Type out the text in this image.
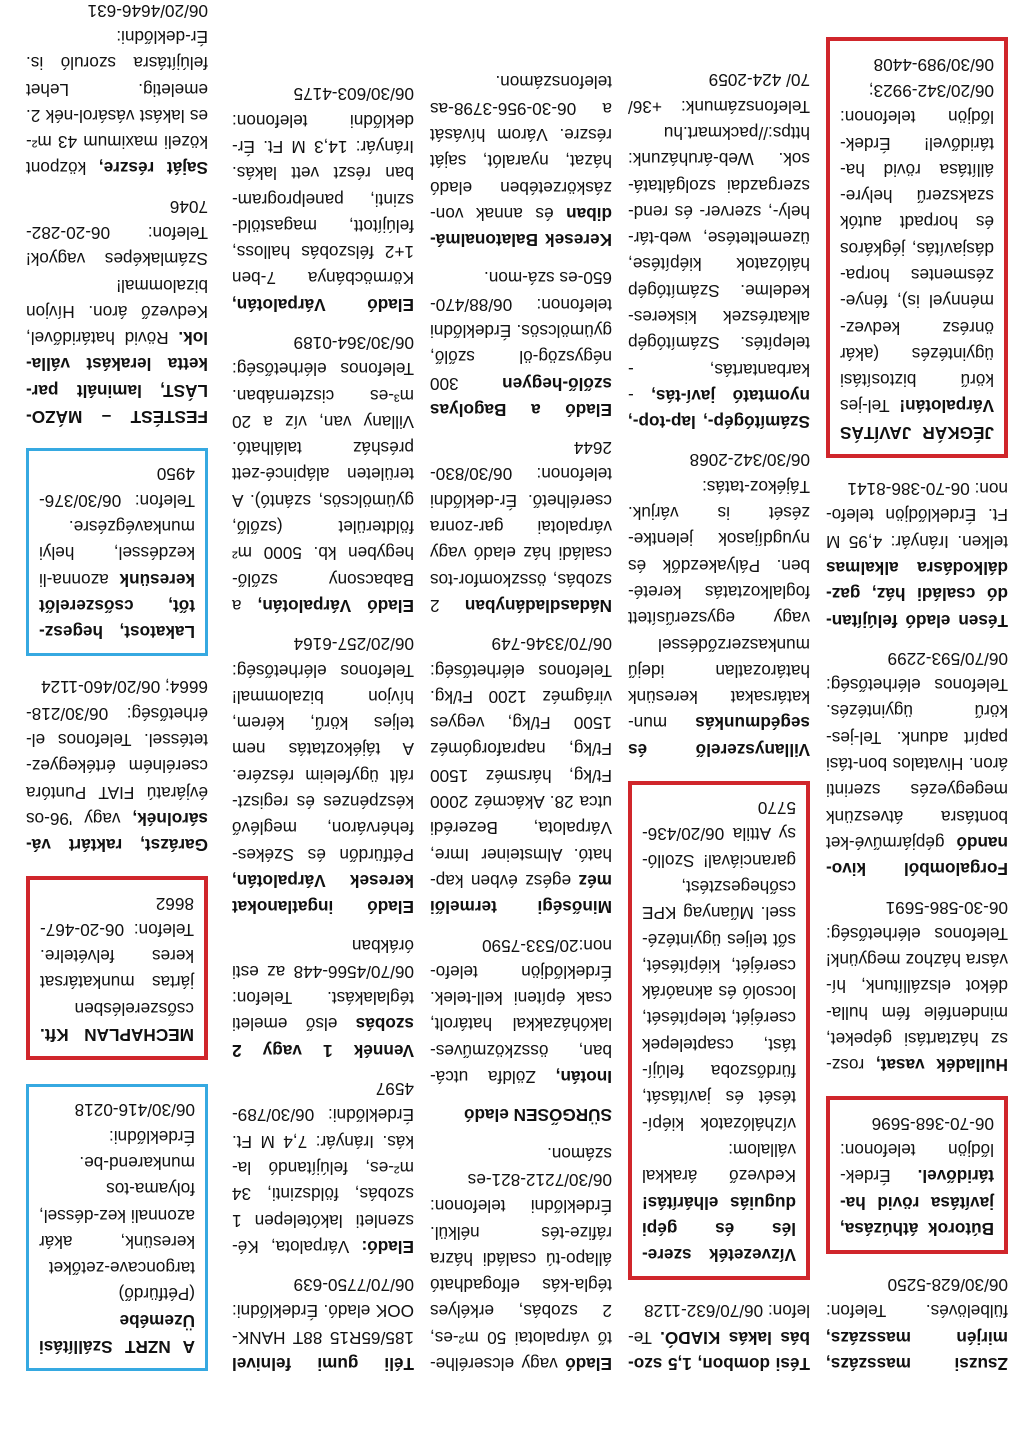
Zsuzsi masszázs, mirjén masszázs, fülbelövés. Telefon: 06/30/628-5250
Bútorok áthúzása, javítása rövid ha-táridővel. Érdek-lődjön telefonon: 06-70-368-5696
Hulladék vasat, rosz-sz háztartási gépeket, mindenféle fém hulla-dékot elszállítunk, hí-vásra házhoz megyünk! Telefonos elérhetőség: 06-30-586-5691
Forgalomból kivo-nandó gépjárművé-ket bontásra átveszünk megegyezés szerinti áron. Hivatalos bon-tási papírt adunk. Tel-jes-körű ügyintézés. Telefonos elérhetőség: 06/70/593-2299
Tésen eladó felújítan-dó családi ház, gaz-dálkodásra alkalmas telken. Irányár: 4,95 M Ft. Érdeklődjön telefo-non: 06-70-386-8141
JÉGKÁR JAVÍTÁS Várpalotán! Tel-jes körű biztosítási ügyintézés (akár önrész kedvez-ménnyel is), fénye-zésmentes horpa-dásjavítás, jégkáros és horpadt autók szakszerű helyre-állítása rövid ha-táridővel! Érdek-lődjön telefonon: 06/20/342-9923; 06/30/989-4408
Tési domboп, 1,5 szo-bás lakás KIADÓ. Te-lefon: 06/70/632-1128
Vízvezeték szere-lés és gépi duguiás elhárítás! Kedvező árakkal vállalom: vízhálózatok kiépí-tését és javítását, fürdőszoba felújí-tást, csaptelepek cseréjét, telepítését, locsoló és aknaórák cseréjét, kiépítését, sőt teljes ügyintézé-ssel. Műanyag KPE csőhegesztést, garanciával! Szolló-sy Attila 06/20/436-5770
Villanyszerelő és segédmunkás mun-katársakat keresünk határozatlan idejű munkaszerződéssel vagy egyszerűsített foglalkoztatás kereté-ben. Pályakezdők és nyugdíjasok jelentke-zését is várjuk. Tájékoz-tatás: 06/30/342-2068
Számítógép-, lap-top-, nyomtató javí-tás, - karbantartás, - telepítés. Számítógép alkatrészek kiskeres-kedelme. Számítógép hálózatok kiépítése, üzemeltetése, web-tár-hely-, szerver- és rend-szergazdai szolgáltatá-sok. Web-áruházunk: https://packmart.hu Telefonszámunk: +36/ 70/ 424-2059
Eladó vagy elcserélhe-tő várpalotai 50 m²-es, 2 szobás, erkélyes tégla-kás elfogadható állapo-tú családi házra ráfize-tés nélkül. Érdeklődni telefonon: 06/30/7212-821-es számon.
SÜRGŐSEN eladó
Inotán, Zöldfa utcá-ban, összközműves-lakóházakkal határolt, csak építeni kell-telek. Érdeklődjön telefo-non:20/533-7590
Minőségi termelői méz egész évben kap-ható. Almsteiner Imre, Várpalota, Bezerédi utca 28. Akácméz 2000 Ft/kg, hársméz 1500 Ft/kg, napraforgóméz 1500 Ft/kg, vegyes virágméz 1200 Ft/kg. Telefonos elérhetőség: 06/70/3346-749
Nádasdladányban 2 szobás, összkomfor-tos családi ház eladó vagy várpalotai gar-zonra cserélhető. Ér-deklődni telefonon: 06/30/830-2644
Eladó a Bagolyas szőlő-hegyen 300 négyszög-öl szőlő, gyümölcsös. Érdeklődni telefonon: 06/88/470-650-es szá-mon.
Keresek Balatonalmá-diban és annak von-záskörzetében eladó házat, nyaralót, saját részre. Várom hívását a 06-30-956-3798-as telefonszámon.
Téli gumi felnivel 185/65R15 88T HANK-OOK eladó. Érdeklődni: 06/70/7750-639
Eladó: Várpalota, Ké-szenleti lakótelepen 1 szobás, földszinti, 34 m²-es, felújítandó la-kás. Irányár: 7,4 M Ft. Érdeklődni: 06/30/789-4597
Vennék 1 vagy 2 szobás első emeleti téglalakást. Telefon: 06/70/4566-448 az esti órákban
Eladó ingatlanokat keresek Várpalotán, Pétfürdőn és Székes-fehérváron, meglévő készpénzes és regiszt-rált ügyfeleim részére. A tájékoztatás nem teljes körű, kérem, hívjon bizalommal! Telefonos elérhetőség: 06/20/257-6164
Eladó Várpalotán, a Babacsony szőlő-hegyben kb. 5000 m² földterület (szőlő, gyümölcsös, szántó). A területen alápincé-zett présház található. Villany van, víz a 20 m³-es ciszternában. Telefonos elérhetőség: 06/30/364-0189
Eladó Várpalotán, Körmöcbánya 7-ben 1+2 félszobás halloss, felújított, magastöld-szinti, panelprogram-ban részt vett lakás. Irányár: 14,3 M Ft. Ér-deklődni telefonon: 06/30/603-4175
A NZRT Szállítási Üzemébe (Pétfürdő) targoncave-zetőket keresünk, akár azonnali kez-déssel, folyama-tos munkarend-be. Érdeklődni: 06/30/416-0218
MECHAPLAN Kft. csőszerelésben jártas munkatársat keres felvételre. Telefon: 06-20-467-8662
Garázst, raktárt vá-sárolnék, vagy '96-os évjáratú FIAT Puntóra cserélném értékegyez-tetéssel. Telefonos el-érhetőség: 06/30/218-6664; 06/20/460-1124
Lakatost, hegesz-tőt, csőszerelőt keresünk azonna-li kezdéssel, helyi munkavégzésre. Telefon: 06/30/376-4950
FESTÉST – MÁZO-LÁST, laminált par-ketta lerakást válla-lok. Rövid határidővel, Kedvező áron. Hívjon bizalommal! Számlaképes vagyok! Telefon: 06-20-282-7046
Saját részre, központ közeli maximum 43 m²-es lakást vásárol-nék 2. emeletig. Lehet felújításra szoruló is. Ér-deklődni: 06/20/4646-631
